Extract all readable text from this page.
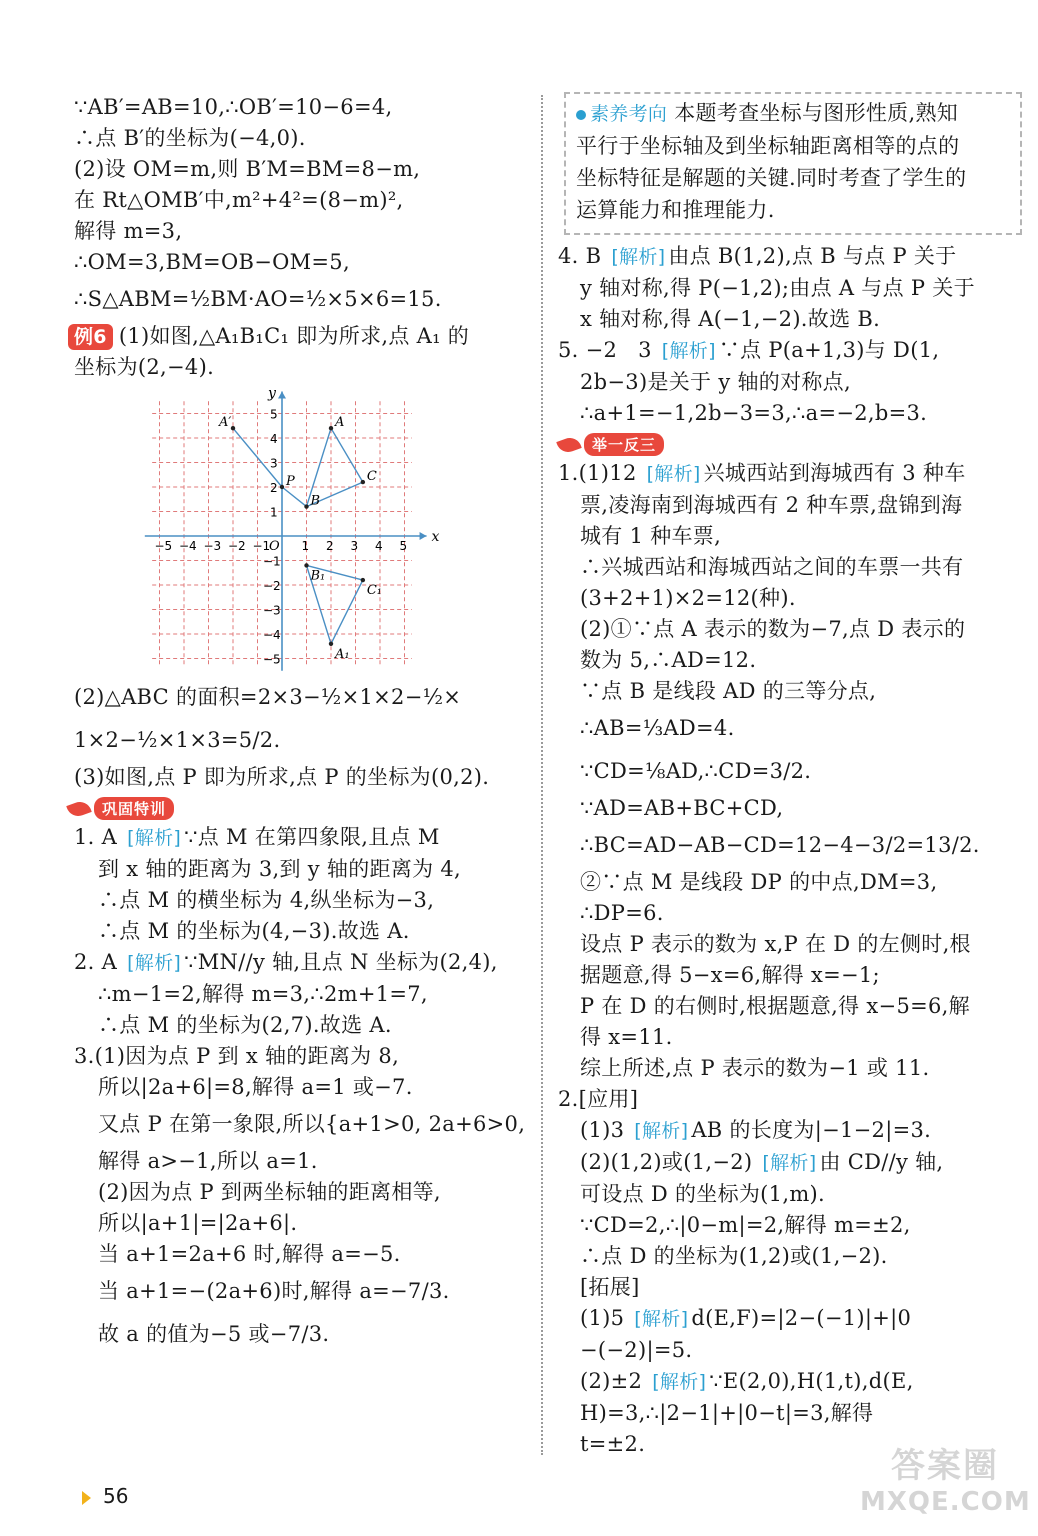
∵AB′=AB=10,∴OB′=10−6=4,
∴点 B′的坐标为(−4,0).
(2)设 OM=m,则 B′M=BM=8−m,
在 Rt△OMB′中,m²+4²=(8−m)²,
解得 m=3,
∴OM=3,BM=OB−OM=5,
∴S△ABM=½BM·AO=½×5×6=15.
例6 (1)如图,△A₁B₁C₁ 即为所求,点 A₁ 的
坐标为(2,−4).
x
y
O
−5 −4 −3 −2 −1	1 2 3 4 5
5
4
3
2
1
−1
−2
−3
−4
−5
A′	A
P	C
B
B₁
C₁
A₁
(2)△ABC 的面积=2×3−½×1×2−½×
1×2−½×1×3=5/2.
(3)如图,点 P 即为所求,点 P 的坐标为(0,2).
巩固特训
1. A [解析] ∵点 M 在第四象限,且点 M
到 x 轴的距离为 3,到 y 轴的距离为 4,
∴点 M 的横坐标为 4,纵坐标为−3,
∴点 M 的坐标为(4,−3).故选 A.
2. A [解析] ∵MN//y 轴,且点 N 坐标为(2,4),
∴m−1=2,解得 m=3,∴2m+1=7,
∴点 M 的坐标为(2,7).故选 A.
3.(1)因为点 P 到 x 轴的距离为 8,
所以|2a+6|=8,解得 a=1 或−7.
又点 P 在第一象限,所以{a+1>0, 2a+6>0,
解得 a>−1,所以 a=1.
(2)因为点 P 到两坐标轴的距离相等,
所以|a+1|=|2a+6|.
当 a+1=2a+6 时,解得 a=−5.
当 a+1=−(2a+6)时,解得 a=−7/3.
故 a 的值为−5 或−7/3.
素养考向 本题考查坐标与图形性质,熟知
平行于坐标轴及到坐标轴距离相等的点的
坐标特征是解题的关键.同时考查了学生的
运算能力和推理能力.
4. B [解析] 由点 B(1,2),点 B 与点 P 关于
y 轴对称,得 P(−1,2);由点 A 与点 P 关于
x 轴对称,得 A(−1,−2).故选 B.
5. −2   3 [解析] ∵点 P(a+1,3)与 D(1,
2b−3)是关于 y 轴的对称点,
∴a+1=−1,2b−3=3,∴a=−2,b=3.
举一反三
1.(1)12 [解析] 兴城西站到海城西有 3 种车
票,凌海南到海城西有 2 种车票,盘锦到海
城有 1 种车票,
∴兴城西站和海城西站之间的车票一共有
(3+2+1)×2=12(种).
(2)①∵点 A 表示的数为−7,点 D 表示的
数为 5,∴AD=12.
∵点 B 是线段 AD 的三等分点,
∴AB=⅓AD=4.
∵CD=⅛AD,∴CD=3/2.
∵AD=AB+BC+CD,
∴BC=AD−AB−CD=12−4−3/2=13/2.
②∵点 M 是线段 DP 的中点,DM=3,
∴DP=6.
设点 P 表示的数为 x,P 在 D 的左侧时,根
据题意,得 5−x=6,解得 x=−1;
P 在 D 的右侧时,根据题意,得 x−5=6,解
得 x=11.
综上所述,点 P 表示的数为−1 或 11.
2.[应用]
(1)3 [解析] AB 的长度为|−1−2|=3.
(2)(1,2)或(1,−2) [解析] 由 CD//y 轴,
可设点 D 的坐标为(1,m).
∵CD=2,∴|0−m|=2,解得 m=±2,
∴点 D 的坐标为(1,2)或(1,−2).
[拓展]
(1)5 [解析] d(E,F)=|2−(−1)|+|0
−(−2)|=5.
(2)±2 [解析] ∵E(2,0),H(1,t),d(E,
H)=3,∴|2−1|+|0−t|=3,解得
t=±2.
56
答案圈
MXQE.COM
